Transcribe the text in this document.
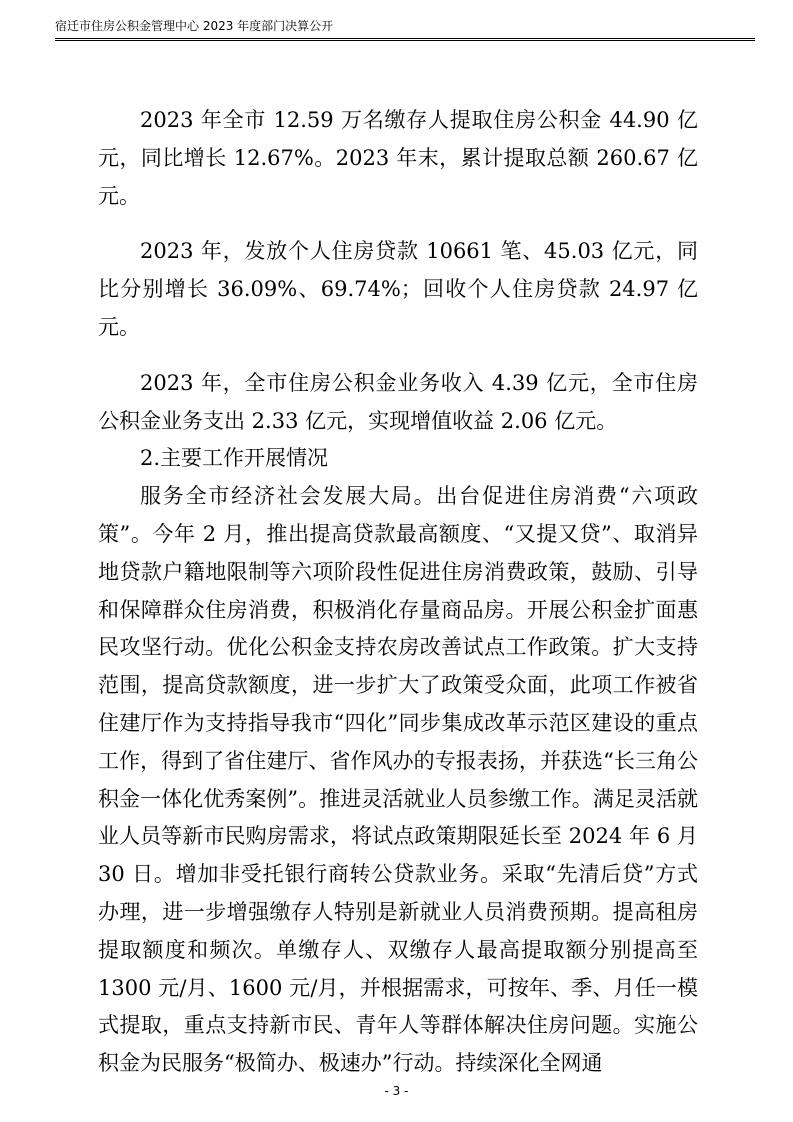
宿迁市住房公积金管理中心 2023 年度部门决算公开

2023 年全市 12.59 万名缴存人提取住房公积金 44.90 亿元，同比增长 12.67%。2023 年末，累计提取总额 260.67 亿元。

2023 年，发放个人住房贷款 10661 笔、45.03 亿元，同比分别增长 36.09%、69.74%；回收个人住房贷款 24.97 亿元。

2023 年，全市住房公积金业务收入 4.39 亿元，全市住房公积金业务支出 2.33 亿元，实现增值收益 2.06 亿元。

2.主要工作开展情况

服务全市经济社会发展大局。出台促进住房消费“六项政策”。今年 2 月，推出提高贷款最高额度、“又提又贷”、取消异地贷款户籍地限制等六项阶段性促进住房消费政策，鼓励、引导和保障群众住房消费，积极消化存量商品房。开展公积金扩面惠民攻坚行动。优化公积金支持农房改善试点工作政策。扩大支持范围，提高贷款额度，进一步扩大了政策受众面，此项工作被省住建厅作为支持指导我市“四化”同步集成改革示范区建设的重点工作，得到了省住建厅、省作风办的专报表扬，并获选“长三角公积金一体化优秀案例”。推进灵活就业人员参缴工作。满足灵活就业人员等新市民购房需求，将试点政策期限延长至 2024 年 6 月 30 日。增加非受托银行商转公贷款业务。采取“先清后贷”方式办理，进一步增强缴存人特别是新就业人员消费预期。提高租房提取额度和频次。单缴存人、双缴存人最高提取额分别提高至 1300 元/月、1600 元/月，并根据需求，可按年、季、月任一模式提取，重点支持新市民、青年人等群体解决住房问题。实施公积金为民服务“极简办、极速办”行动。持续深化全网通

- 3 -
